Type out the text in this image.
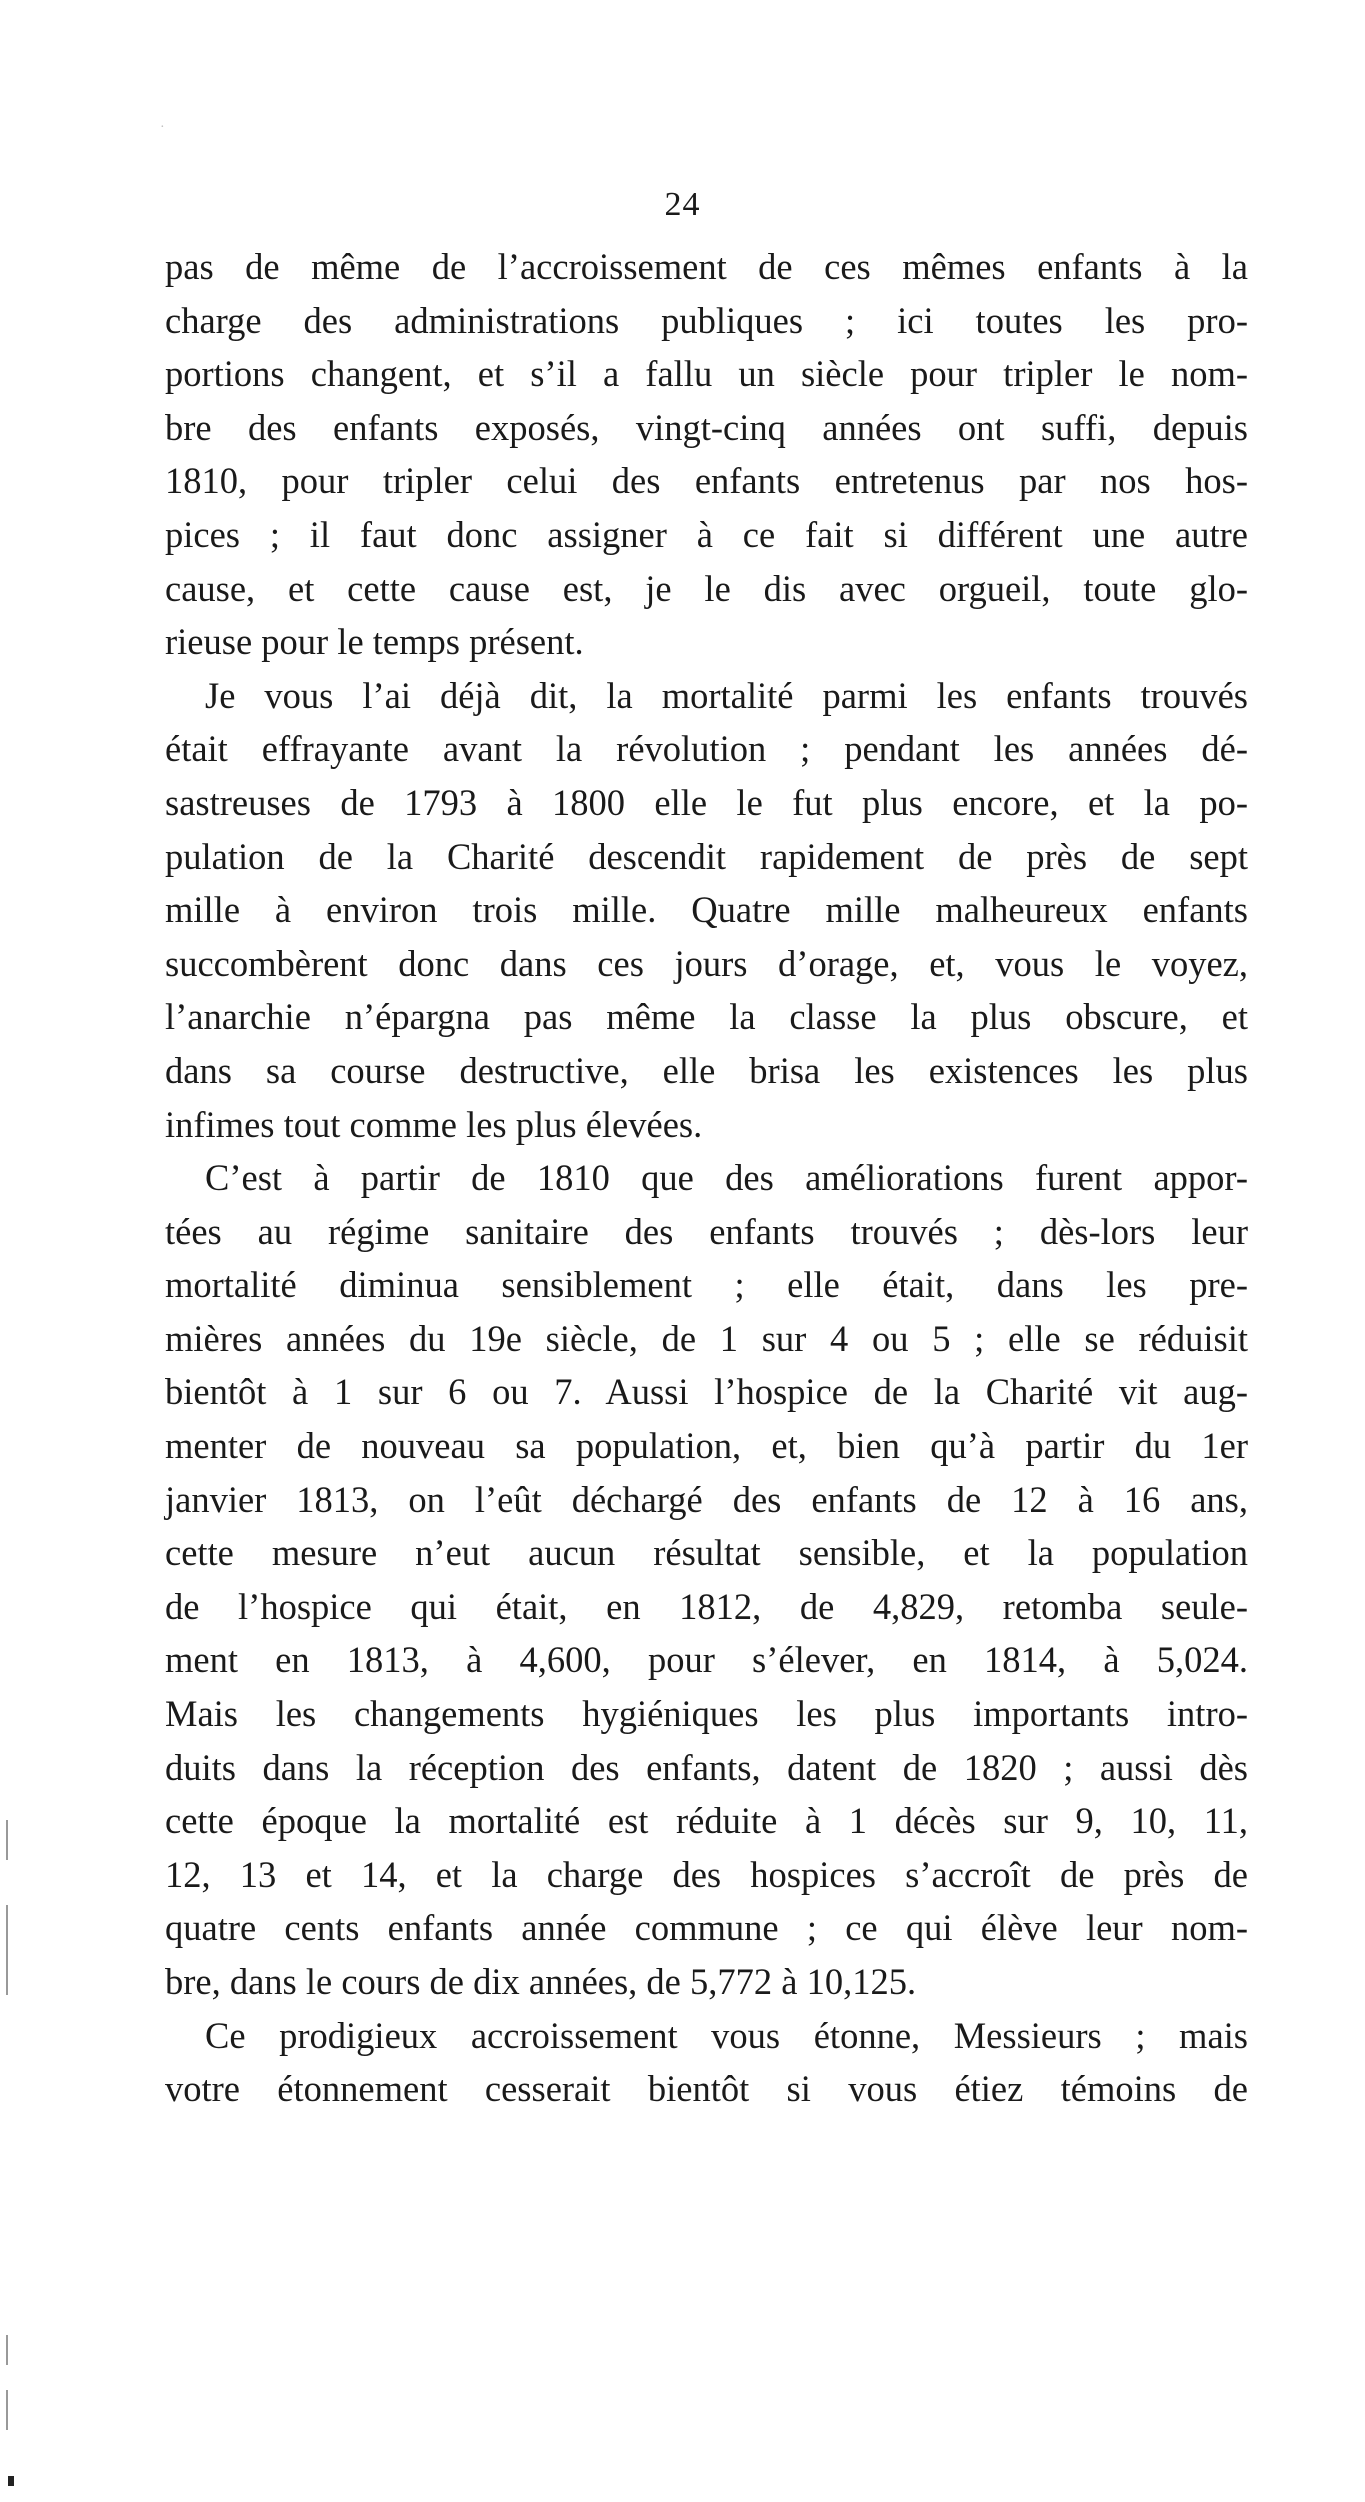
·
24
pas de même de l’accroissement de ces mêmes enfants à la
charge des administrations publiques ; ici toutes les pro-
portions changent, et s’il a fallu un siècle pour tripler le nom-
bre des enfants exposés, vingt-cinq années ont suffi, depuis
1810, pour tripler celui des enfants entretenus par nos hos-
pices ; il faut donc assigner à ce fait si différent une autre
cause, et cette cause est, je le dis avec orgueil, toute glo-
rieuse pour le temps présent.
Je vous l’ai déjà dit, la mortalité parmi les enfants trouvés
était effrayante avant la révolution ; pendant les années dé-
sastreuses de 1793 à 1800 elle le fut plus encore, et la po-
pulation de la Charité descendit rapidement de près de sept
mille à environ trois mille. Quatre mille malheureux enfants
succombèrent donc dans ces jours d’orage, et, vous le voyez,
l’anarchie n’épargna pas même la classe la plus obscure, et
dans sa course destructive, elle brisa les existences les plus
infimes tout comme les plus élevées.
C’est à partir de 1810 que des améliorations furent appor-
tées au régime sanitaire des enfants trouvés ; dès-lors leur
mortalité diminua sensiblement ; elle était, dans les pre-
mières années du 19e siècle, de 1 sur 4 ou 5 ; elle se réduisit
bientôt à 1 sur 6 ou 7. Aussi l’hospice de la Charité vit aug-
menter de nouveau sa population, et, bien qu’à partir du 1er
janvier 1813, on l’eût déchargé des enfants de 12 à 16 ans,
cette mesure n’eut aucun résultat sensible, et la population
de l’hospice qui était, en 1812, de 4,829, retomba seule-
ment en 1813, à 4,600, pour s’élever, en 1814, à 5,024.
Mais les changements hygiéniques les plus importants intro-
duits dans la réception des enfants, datent de 1820 ; aussi dès
cette époque la mortalité est réduite à 1 décès sur 9, 10, 11,
12, 13 et 14, et la charge des hospices s’accroît de près de
quatre cents enfants année commune ; ce qui élève leur nom-
bre, dans le cours de dix années, de 5,772 à 10,125.
Ce prodigieux accroissement vous étonne, Messieurs ; mais
votre étonnement cesserait bientôt si vous étiez témoins de
